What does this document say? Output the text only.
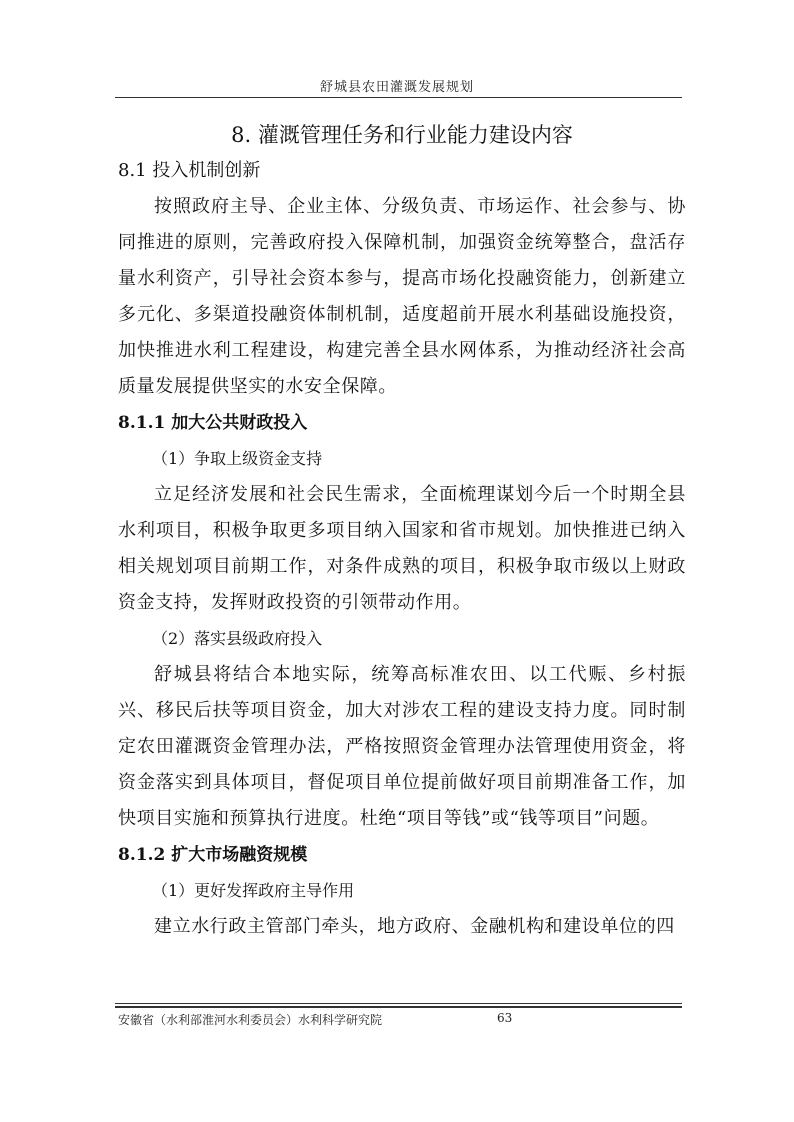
舒城县农田灌溉发展规划
8. 灌溉管理任务和行业能力建设内容
8.1 投入机制创新

按照政府主导、企业主体、分级负责、市场运作、社会参与、协同推进的原则，完善政府投入保障机制，加强资金统筹整合，盘活存量水利资产，引导社会资本参与，提高市场化投融资能力，创新建立多元化、多渠道投融资体制机制，适度超前开展水利基础设施投资，加快推进水利工程建设，构建完善全县水网体系，为推动经济社会高质量发展提供坚实的水安全保障。

8.1.1 加大公共财政投入

（1）争取上级资金支持

立足经济发展和社会民生需求，全面梳理谋划今后一个时期全县水利项目，积极争取更多项目纳入国家和省市规划。加快推进已纳入相关规划项目前期工作，对条件成熟的项目，积极争取市级以上财政资金支持，发挥财政投资的引领带动作用。

（2）落实县级政府投入

舒城县将结合本地实际，统筹高标准农田、以工代赈、乡村振兴、移民后扶等项目资金，加大对涉农工程的建设支持力度。同时制定农田灌溉资金管理办法，严格按照资金管理办法管理使用资金，将资金落实到具体项目，督促项目单位提前做好项目前期准备工作，加快项目实施和预算执行进度。杜绝“项目等钱”或“钱等项目”问题。

8.1.2 扩大市场融资规模

（1）更好发挥政府主导作用

建立水行政主管部门牵头，地方政府、金融机构和建设单位的四

安徽省（水利部淮河水利委员会）水利科学研究院	63
